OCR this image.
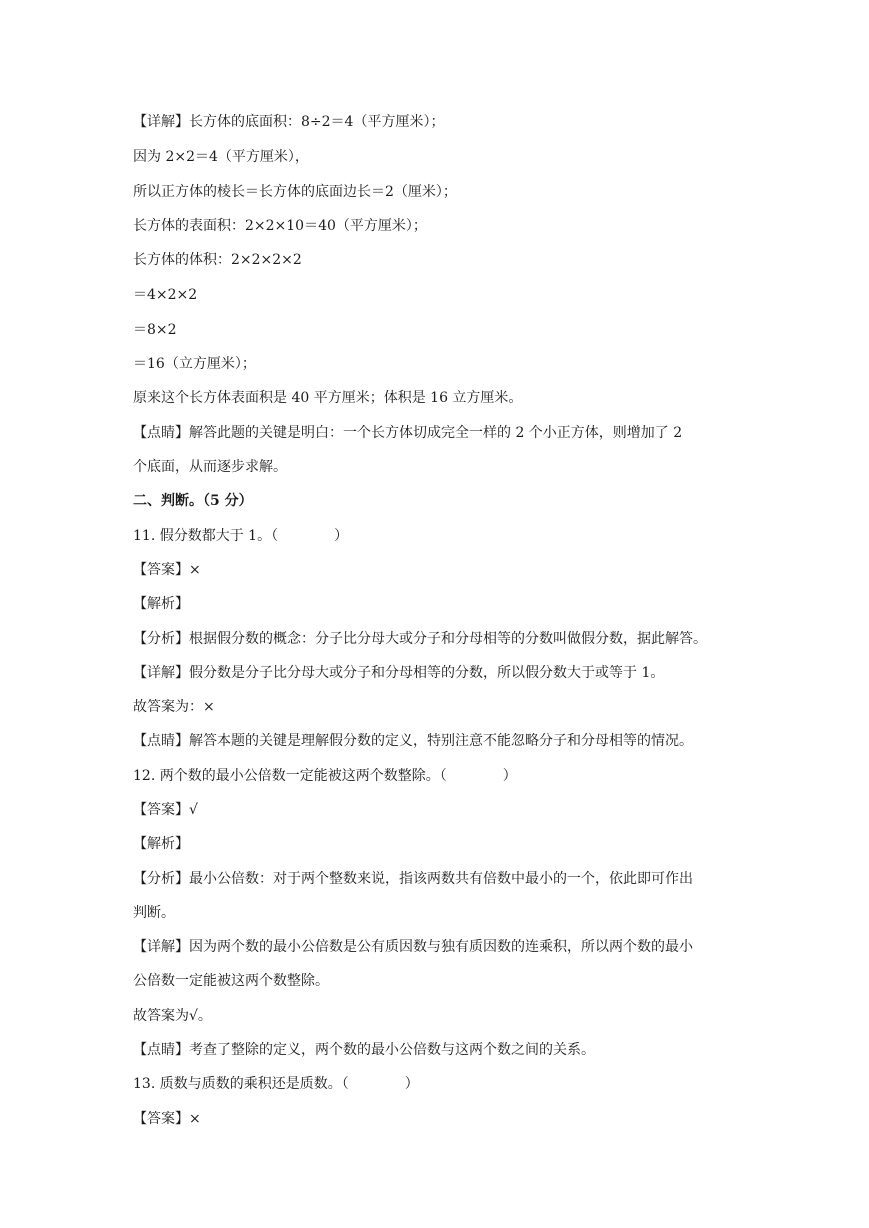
【详解】长方体的底面积：8÷2＝4（平方厘米）；
因为 2×2＝4（平方厘米），
所以正方体的棱长＝长方体的底面边长＝2（厘米）；
长方体的表面积：2×2×10＝40（平方厘米）；
长方体的体积：2×2×2×2
＝4×2×2
＝8×2
＝16（立方厘米）；
原来这个长方体表面积是 40 平方厘米；体积是 16 立方厘米。
【点睛】解答此题的关键是明白：一个长方体切成完全一样的 2 个小正方体，则增加了 2
个底面，从而逐步求解。
二、判断。（5 分）
11. 假分数都大于 1。（　　　　）
【答案】×
【解析】
【分析】根据假分数的概念：分子比分母大或分子和分母相等的分数叫做假分数，据此解答。
【详解】假分数是分子比分母大或分子和分母相等的分数，所以假分数大于或等于 1。
故答案为：×
【点睛】解答本题的关键是理解假分数的定义，特别注意不能忽略分子和分母相等的情况。
12. 两个数的最小公倍数一定能被这两个数整除。（　　　　）
【答案】√
【解析】
【分析】最小公倍数：对于两个整数来说，指该两数共有倍数中最小的一个，依此即可作出
判断。
【详解】因为两个数的最小公倍数是公有质因数与独有质因数的连乘积，所以两个数的最小
公倍数一定能被这两个数整除。
故答案为√。
【点睛】考查了整除的定义，两个数的最小公倍数与这两个数之间的关系。
13. 质数与质数的乘积还是质数。（　　　　）
【答案】×
